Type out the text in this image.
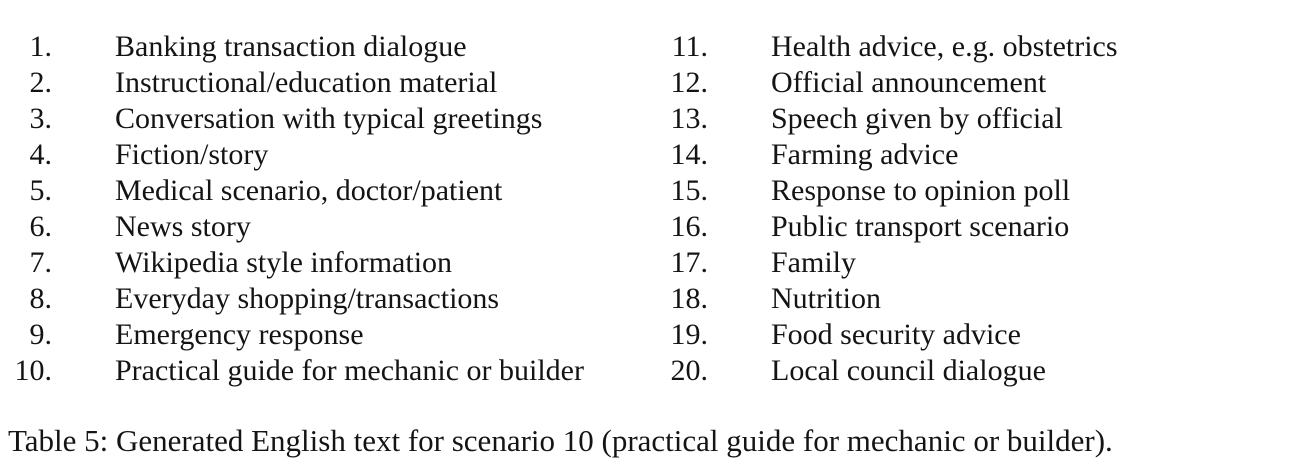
1. Banking transaction dialogue
2. Instructional/education material
3. Conversation with typical greetings
4. Fiction/story
5. Medical scenario, doctor/patient
6. News story
7. Wikipedia style information
8. Everyday shopping/transactions
9. Emergency response
10. Practical guide for mechanic or builder
11. Health advice, e.g. obstetrics
12. Official announcement
13. Speech given by official
14. Farming advice
15. Response to opinion poll
16. Public transport scenario
17. Family
18. Nutrition
19. Food security advice
20. Local council dialogue
Table 5: Generated English text for scenario 10 (practical guide for mechanic or builder).
